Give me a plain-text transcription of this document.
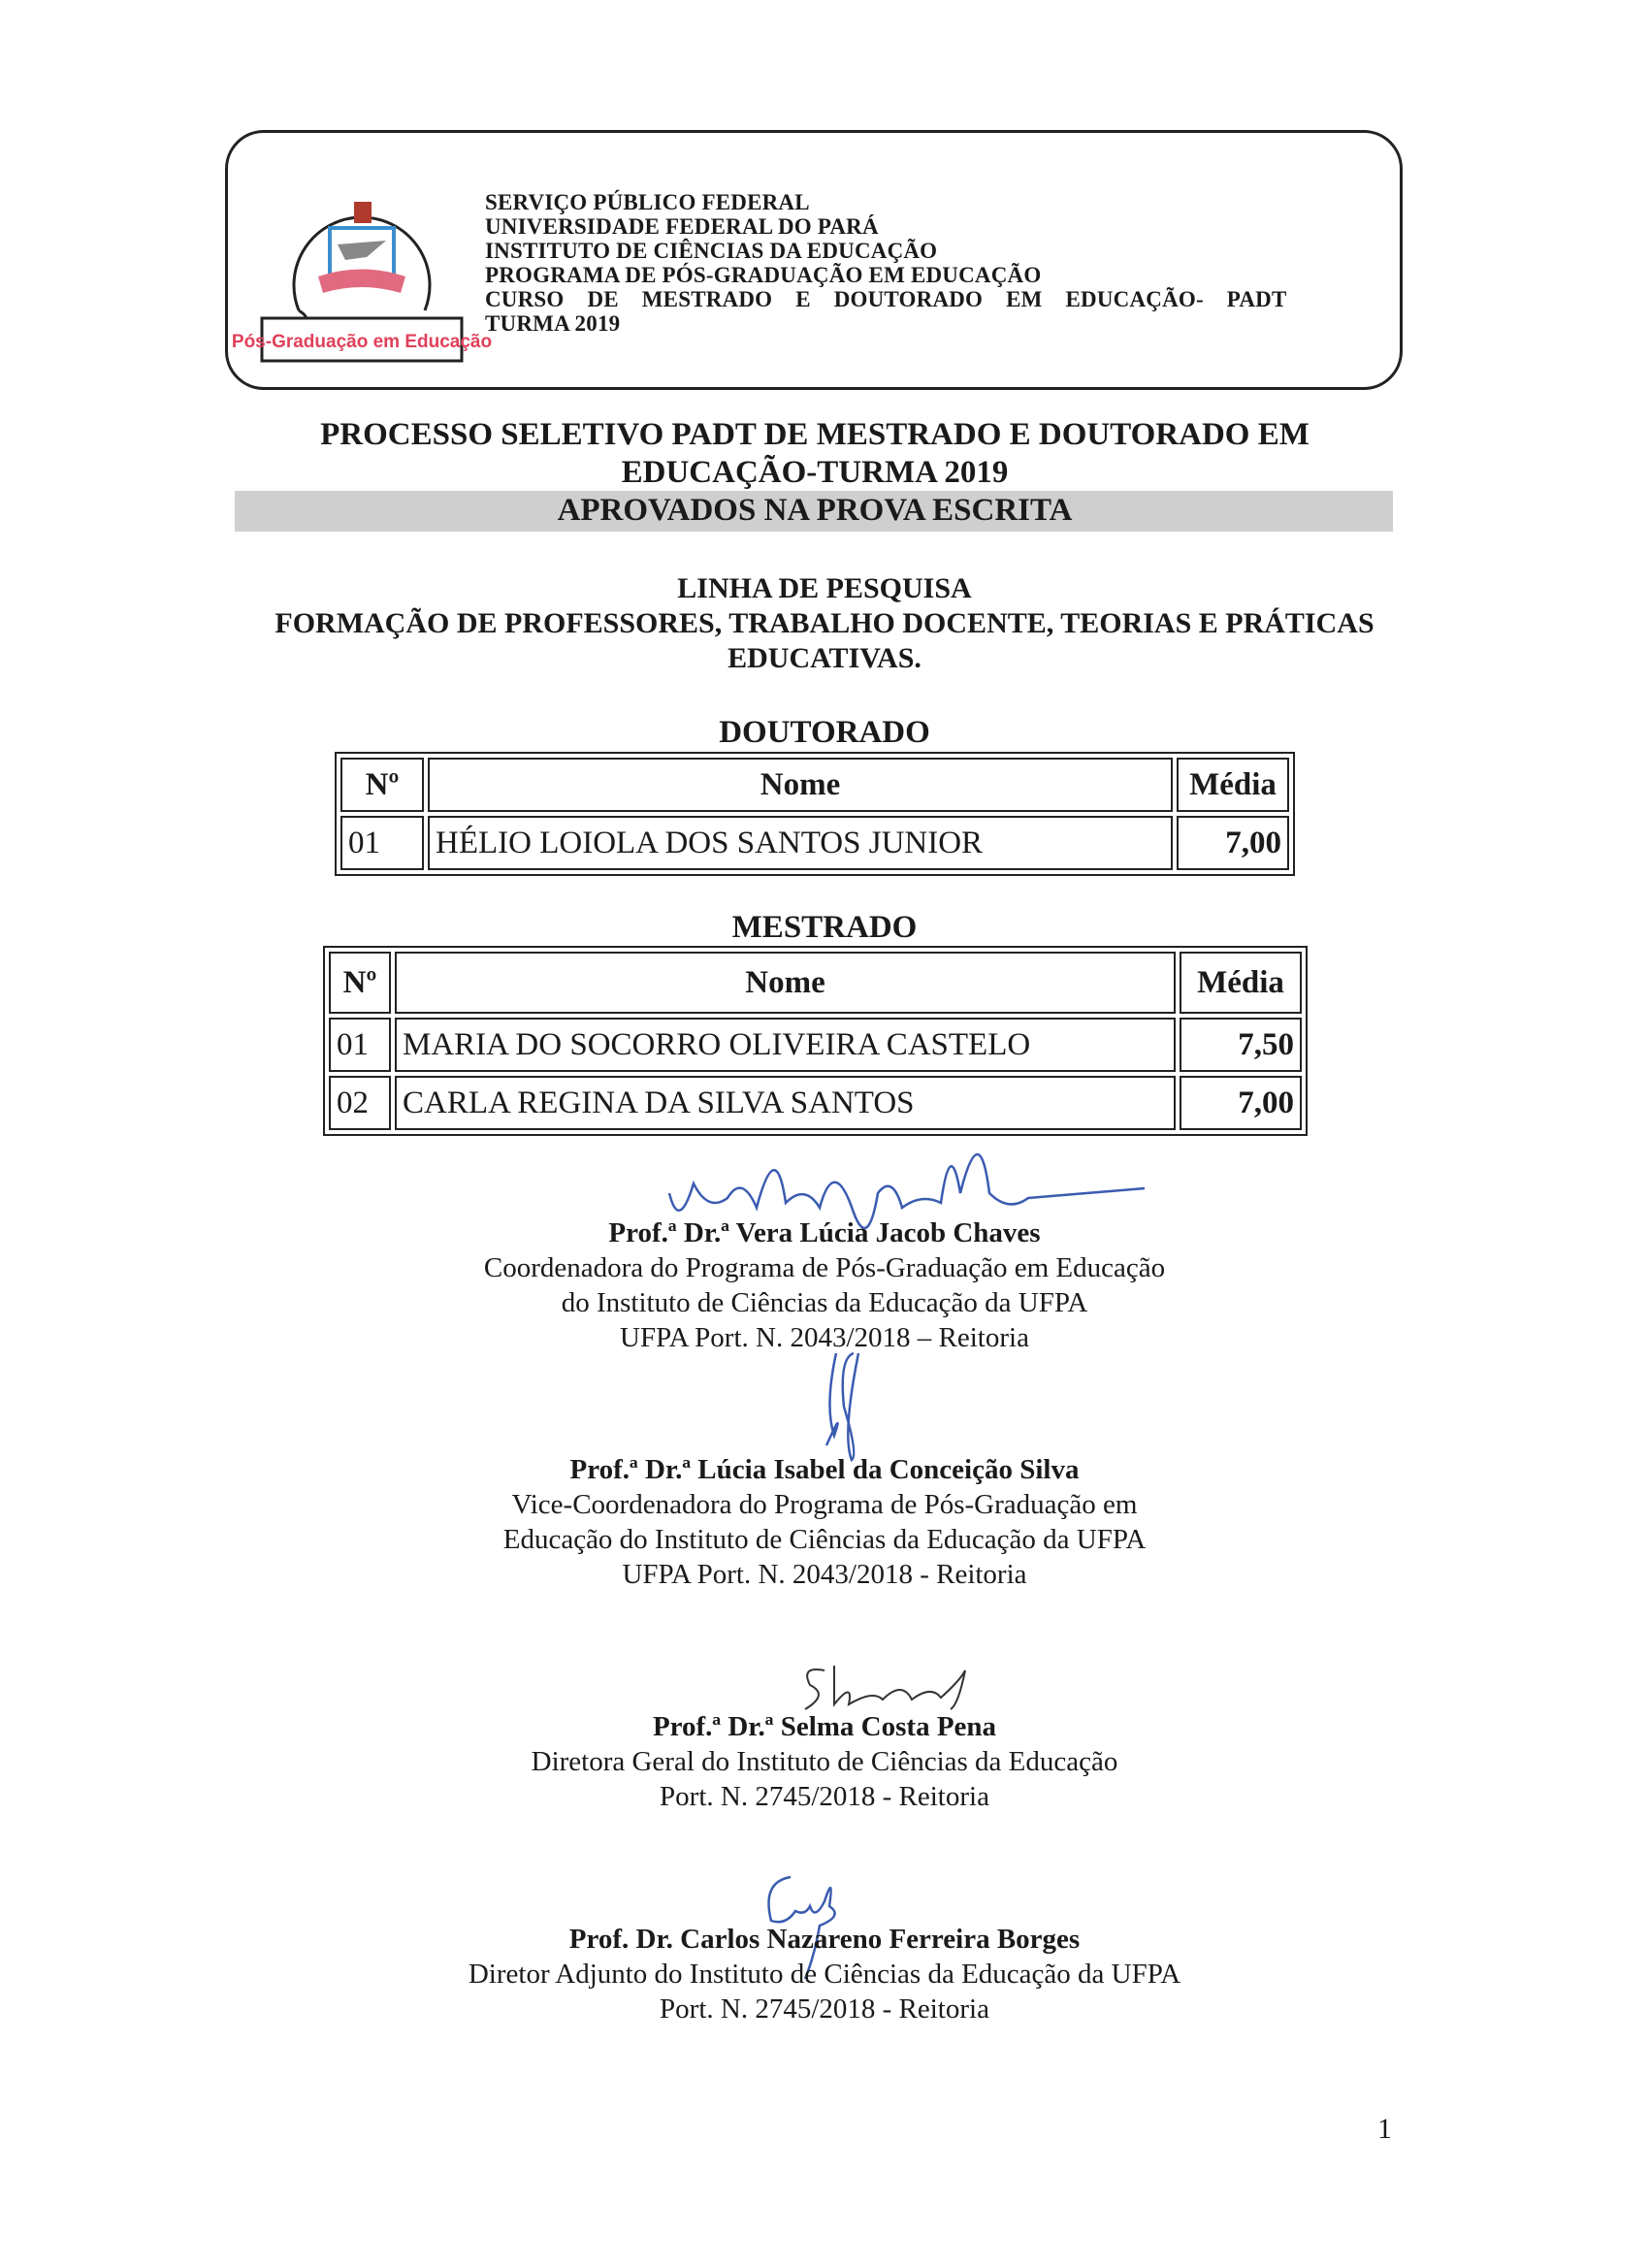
Pós-Graduação em Educação
SERVIÇO PÚBLICO FEDERAL
UNIVERSIDADE FEDERAL DO PARÁ
INSTITUTO DE CIÊNCIAS DA EDUCAÇÃO
PROGRAMA DE PÓS-GRADUAÇÃO EM EDUCAÇÃO
CURSO DE MESTRADO E DOUTORADO EM EDUCAÇÃO- PADT
TURMA 2019
PROCESSO SELETIVO PADT DE MESTRADO E DOUTORADO EM
EDUCAÇÃO-TURMA 2019
APROVADOS NA PROVA ESCRITA
LINHA DE PESQUISA
FORMAÇÃO DE PROFESSORES, TRABALHO DOCENTE, TEORIAS E PRÁTICAS
EDUCATIVAS.
DOUTORADO
Nº	Nome	Média
01	HÉLIO LOIOLA DOS SANTOS JUNIOR	7,00
MESTRADO
Nº	Nome	Média
01	MARIA DO SOCORRO OLIVEIRA CASTELO	7,50
02	CARLA REGINA DA SILVA SANTOS	7,00
Prof.ª Dr.ª Vera Lúcia Jacob Chaves
Coordenadora do Programa de Pós-Graduação em Educação
do Instituto de Ciências da Educação da UFPA
UFPA Port. N. 2043/2018 – Reitoria
Prof.ª Dr.ª Lúcia Isabel da Conceição Silva
Vice-Coordenadora do Programa de Pós-Graduação em
Educação do Instituto de Ciências da Educação da UFPA
UFPA Port. N. 2043/2018 - Reitoria
Prof.ª Dr.ª Selma Costa Pena
Diretora Geral do Instituto de Ciências da Educação
Port. N. 2745/2018 - Reitoria
Prof. Dr. Carlos Nazareno Ferreira Borges
Diretor Adjunto do Instituto de Ciências da Educação da UFPA
Port. N. 2745/2018 - Reitoria
1
